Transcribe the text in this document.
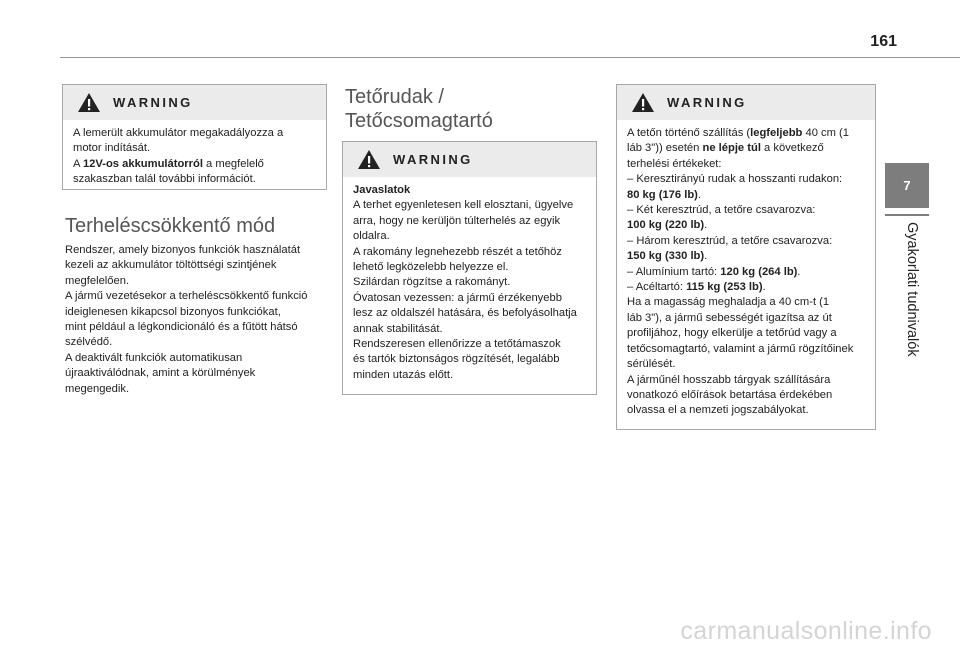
161
7
Gyakorlati tudnivalók
WARNING

A lemerült akkumulátor megakadályozza a

motor indítását.

A 12V-os akkumulátorról a megfelelő

szakaszban talál további információt.

Terheléscsökkentő mód

Rendszer, amely bizonyos funkciók használatát

kezeli az akkumulátor töltöttségi szintjének

megfelelően.

A jármű vezetésekor a terheléscsökkentő funkció

ideiglenesen kikapcsol bizonyos funkciókat,

mint például a légkondicionáló és a fűtött hátsó

szélvédő.

A deaktivált funkciók automatikusan

újraaktiválódnak, amint a körülmények

megengedik.

Tetőrudak /
Tetőcsomagtartó
WARNING

Javaslatok

A terhet egyenletesen kell elosztani, ügyelve

arra, hogy ne kerüljön túlterhelés az egyik

oldalra.

A rakomány legnehezebb részét a tetőhöz

lehető legközelebb helyezze el.

Szilárdan rögzítse a rakományt.

Óvatosan vezessen: a jármű érzékenyebb

lesz az oldalszél hatására, és befolyásolhatja

annak stabilitását.

Rendszeresen ellenőrizze a tetőtámaszok

és tartók biztonságos rögzítését, legalább

minden utazás előtt.

WARNING

A tetőn történő szállítás (legfeljebb 40 cm (1

láb 3")) esetén ne lépje túl a következő

terhelési értékeket:

– Keresztirányú rudak a hosszanti rudakon:

80 kg (176 lb).

– Két keresztrúd, a tetőre csavarozva:

100 kg (220 lb).

– Három keresztrúd, a tetőre csavarozva:

150 kg (330 lb).

– Alumínium tartó: 120 kg (264 lb).

– Acéltartó: 115 kg (253 lb).

Ha a magasság meghaladja a 40 cm-t (1

láb 3"), a jármű sebességét igazítsa az út

profiljához, hogy elkerülje a tetőrúd vagy a

tetőcsomagtartó, valamint a jármű rögzítőinek

sérülését.

A járműnél hosszabb tárgyak szállítására

vonatkozó előírások betartása érdekében

olvassa el a nemzeti jogszabályokat.

carmanualsonline.info
